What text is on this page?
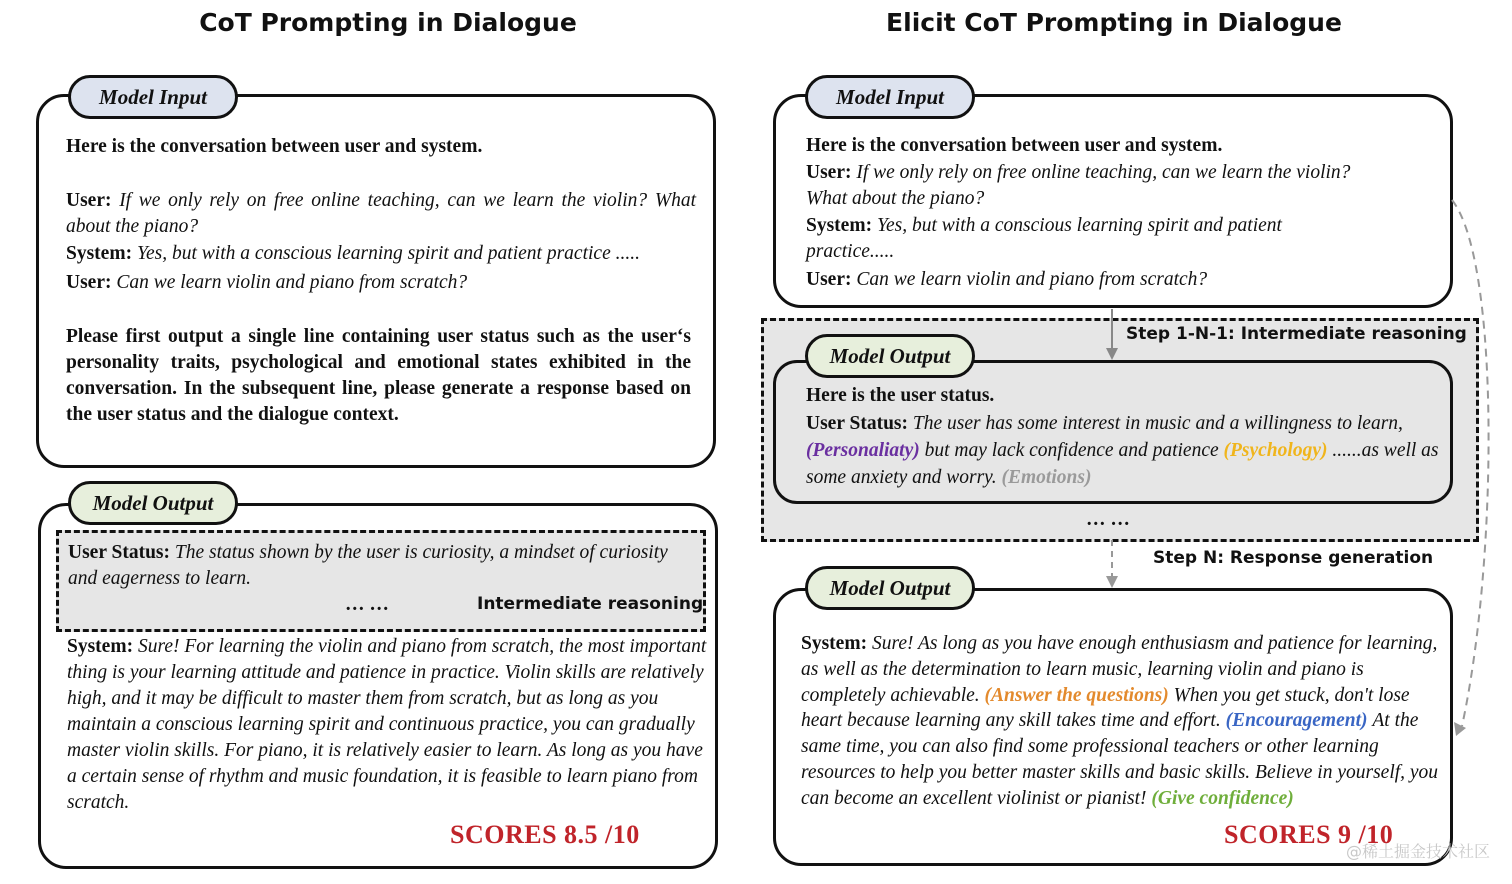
CoT Prompting in Dialogue
Model Input
Here is the conversation between user and system.
User: If we only rely on free online teaching, can we learn the violin? What about the piano?
System: Yes, but with a conscious learning spirit and patient practice .....
User: Can we learn violin and piano from scratch?
Please first output a single line containing user status such as the user‘s personality traits, psychological and emotional states exhibited in the conversation. In the subsequent line, please generate a response based on the user status and the dialogue context.
Model Output
User Status: The status shown by the user is curiosity, a mindset of curiosity and eagerness to learn.
… …	Intermediate reasoning
System: Sure! For learning the violin and piano from scratch, the most important thing is your learning attitude and patience in practice. Violin skills are relatively high, and it may be difficult to master them from scratch, but as long as you maintain a conscious learning spirit and continuous practice, you can gradually master violin skills. For piano, it is relatively easier to learn. As long as you have a certain sense of rhythm and music foundation, it is feasible to learn piano from scratch.
SCORES 8.5 /10
Elicit CoT Prompting in Dialogue
Model Input
Here is the conversation between user and system.
User: If we only rely on free online teaching, can we learn the violin? What about the piano?
System: Yes, but with a conscious learning spirit and patient practice.....
User: Can we learn violin and piano from scratch?
Step 1-N-1: Intermediate reasoning
Model Output
Here is the user status.
User Status: The user has some interest in music and a willingness to learn, (Personaliaty) but may lack confidence and patience (Psychology) ......as well as some anxiety and worry. (Emotions)
… …
Step N: Response generation
Model Output
System: Sure! As long as you have enough enthusiasm and patience for learning, as well as the determination to learn music, learning violin and piano is completely achievable. (Answer the questions) When you get stuck, don't lose heart because learning any skill takes time and effort. (Encouragement) At the same time, you can also find some professional teachers or other learning resources to help you better master skills and basic skills. Believe in yourself, you can become an excellent violinist or pianist! (Give confidence)
SCORES 9 /10
@稀土掘金技术社区
